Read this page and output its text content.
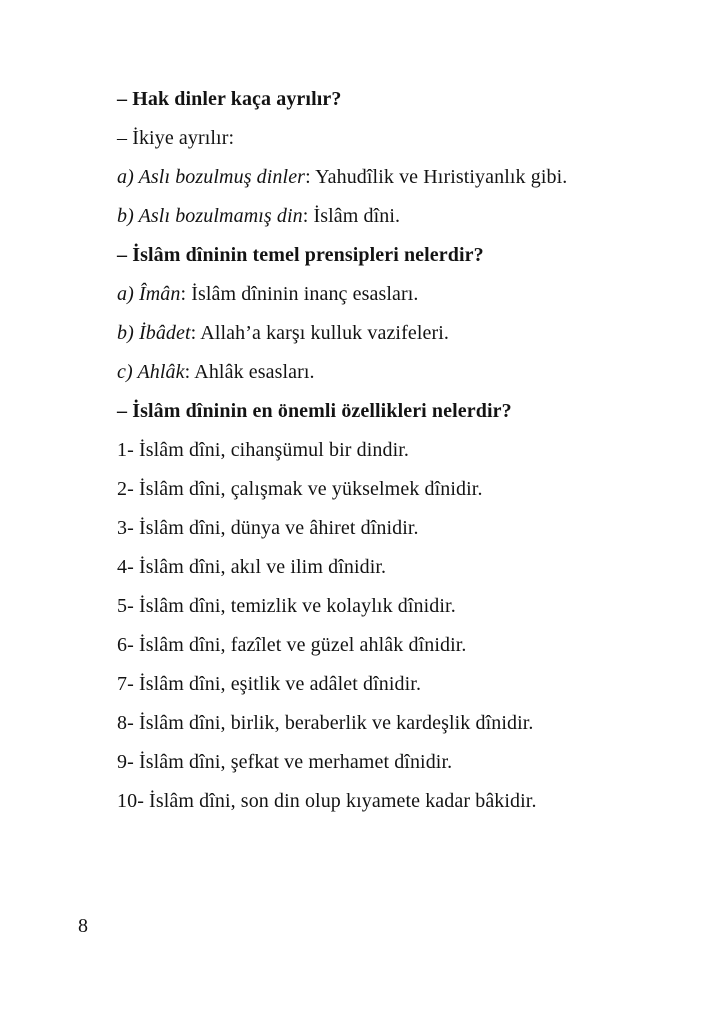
– Hak dinler kaça ayrılır?

– İkiye ayrılır:

a) Aslı bozulmuş dinler: Yahudîlik ve Hıristiyanlık gibi.

b) Aslı bozulmamış din: İslâm dîni.

– İslâm dîninin temel prensipleri nelerdir?

a) Îmân: İslâm dîninin inanç esasları.

b) İbâdet: Allah’a karşı kulluk vazifeleri.

c) Ahlâk: Ahlâk esasları.

– İslâm dîninin en önemli özellikleri nelerdir?

1- İslâm dîni, cihanşümul bir dindir.

2- İslâm dîni, çalışmak ve yükselmek dînidir.

3- İslâm dîni, dünya ve âhiret dînidir.

4- İslâm dîni, akıl ve ilim dînidir.

5- İslâm dîni, temizlik ve kolaylık dînidir.

6- İslâm dîni, fazîlet ve güzel ahlâk dînidir.

7- İslâm dîni, eşitlik ve adâlet dînidir.

8- İslâm dîni, birlik, beraberlik ve kardeşlik dînidir.

9- İslâm dîni, şefkat ve merhamet dînidir.

10- İslâm dîni, son din olup kıyamete kadar bâkidir.

8
